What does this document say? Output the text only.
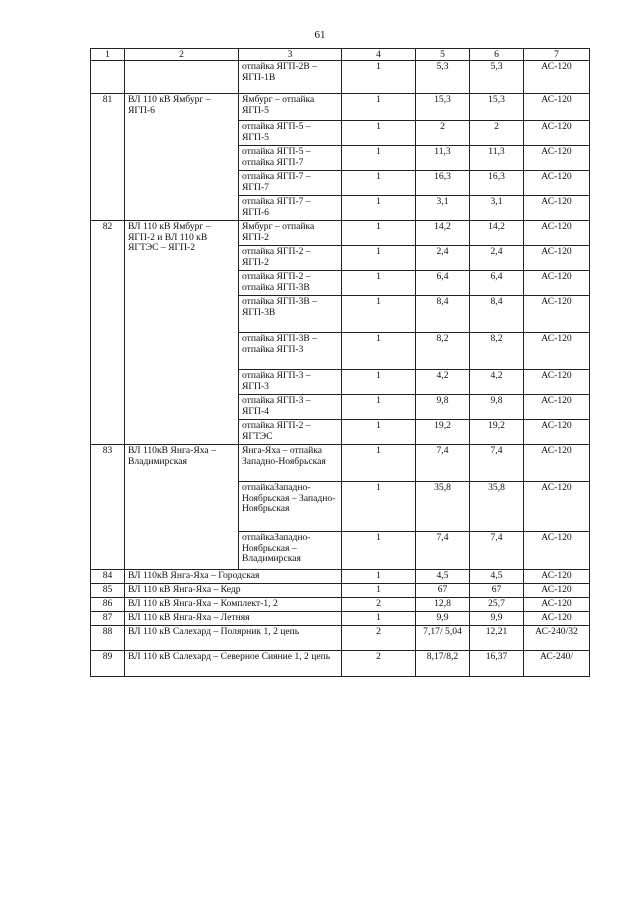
61
1	2	3	4	5	6	7
		отпайка ЯГП-2В – ЯГП-1В	1	5,3	5,3	АС-120
81	ВЛ 110 кВ Ямбург – ЯГП-6	Ямбург – отпайка ЯГП-5	1	15,3	15,3	АС-120
		отпайка ЯГП-5 – ЯГП-5	1	2	2	АС-120
		отпайка ЯГП-5 – отпайка ЯГП-7	1	11,3	11,3	АС-120
		отпайка ЯГП-7 – ЯГП-7	1	16,3	16,3	АС-120
		отпайка ЯГП-7 – ЯГП-6	1	3,1	3,1	АС-120
82	ВЛ 110 кВ Ямбург – ЯГП-2 и ВЛ 110 кВ ЯГТЭС – ЯГП-2	Ямбург – отпайка ЯГП-2	1	14,2	14,2	АС-120
		отпайка ЯГП-2 – ЯГП-2	1	2,4	2,4	АС-120
		отпайка ЯГП-2 – отпайка ЯГП-3В	1	6,4	6,4	АС-120
		отпайка ЯГП-3В – ЯГП-3В	1	8,4	8,4	АС-120
		отпайка ЯГП-3В – отпайка ЯГП-3	1	8,2	8,2	АС-120
		отпайка ЯГП-3 – ЯГП-3	1	4,2	4,2	АС-120
		отпайка ЯГП-3 – ЯГП-4	1	9,8	9,8	АС-120
		отпайка ЯГП-2 – ЯГТЭС	1	19,2	19,2	АС-120
83	ВЛ 110кВ Янга-Яха – Владимирская	Янга-Яха – отпайка Западно-Ноябрьская	1	7,4	7,4	АС-120
		отпайкаЗападно-Ноябрьская – Западно-Ноябрьская	1	35,8	35,8	АС-120
		отпайкаЗападно-Ноябрьская – Владимирская	1	7,4	7,4	АС-120
84	ВЛ 110кВ Янга-Яха – Городская		1	4,5	4,5	АС-120
85	ВЛ 110 кВ Янга-Яха – Кедр		1	67	67	АС-120
86	ВЛ 110 кВ Янга-Яха – Комплект-1, 2		2	12,8	25,7	АС-120
87	ВЛ 110 кВ Янга-Яха – Летняя		1	9,9	9,9	АС-120
88	ВЛ 110 кВ Салехард – Полярник 1, 2 цепь		2	7,17/ 5,04	12,21	АС-240/32
89	ВЛ 110 кВ Салехард – Северное Сияние 1, 2 цепь		2	8,17/8,2	16,37	АС-240/
